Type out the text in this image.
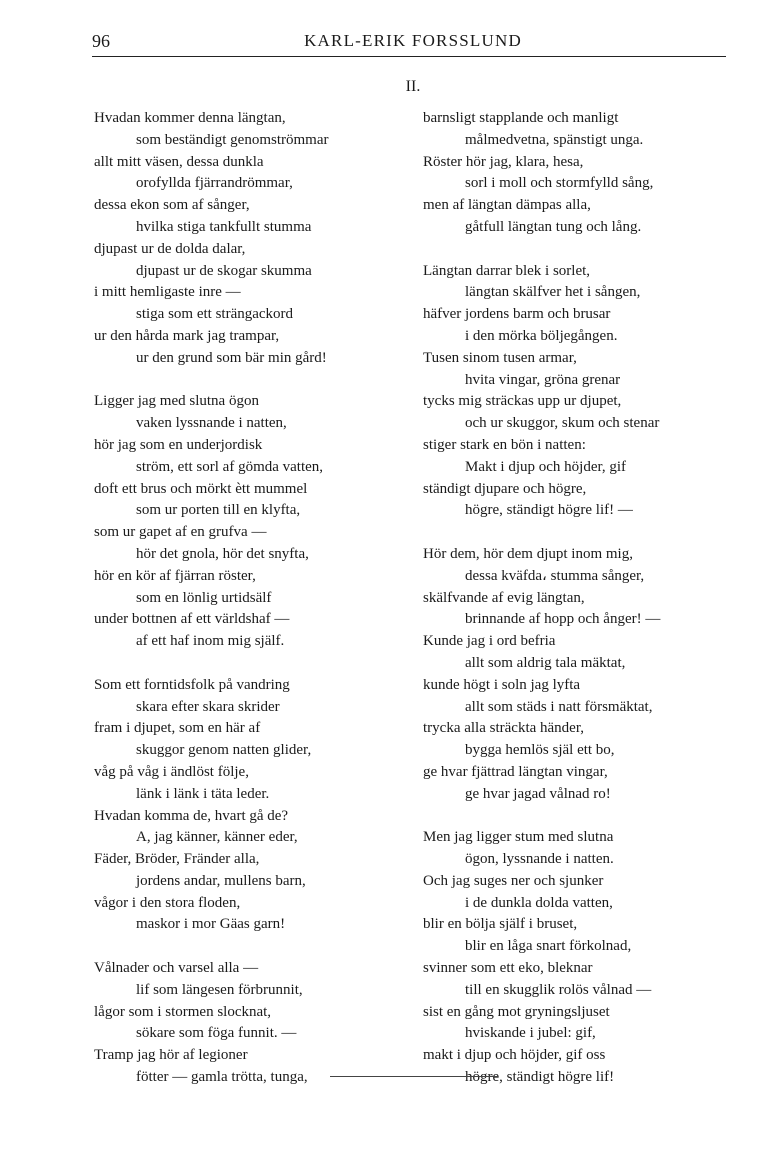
96	KARL-ERIK FORSSLUND
II.
Hvadan kommer denna längtan,
som beständigt genomströmmar
allt mitt väsen, dessa dunkla
orofyllda fjärrandrömmar,
dessa ekon som af sånger,
hvilka stiga tankfullt stumma
djupast ur de dolda dalar,
djupast ur de skogar skumma
i mitt hemligaste inre —
stiga som ett strängackord
ur den hårda mark jag trampar,
ur den grund som bär min gård!
Ligger jag med slutna ögon
vaken lyssnande i natten,
hör jag som en underjordisk
ström, ett sorl af gömda vatten,
doft ett brus och mörkt ètt mummel
som ur porten till en klyfta,
som ur gapet af en grufva —
hör det gnola, hör det snyfta,
hör en kör af fjärran röster,
som en lönlig urtidsälf
under bottnen af ett världshaf —
af ett haf inom mig själf.
Som ett forntidsfolk på vandring
skara efter skara skrider
fram i djupet, som en här af
skuggor genom natten glider,
våg på våg i ändlöst följe,
länk i länk i täta leder.
Hvadan komma de, hvart gå de?
A, jag känner, känner eder,
Fäder, Bröder, Fränder alla,
jordens andar, mullens barn,
vågor i den stora floden,
maskor i mor Gäas garn!
Vålnader och varsel alla —
lif som längesen förbrunnit,
lågor som i stormen slocknat,
sökare som föga funnit. —
Tramp jag hör af legioner
fötter — gamla trötta, tunga,
barnsligt stapplande och manligt
målmedvetna, spänstigt unga.
Röster hör jag, klara, hesa,
sorl i moll och stormfylld sång,
men af längtan dämpas alla,
gåtfull längtan tung och lång.
Längtan darrar blek i sorlet,
längtan skälfver het i sången,
häfver jordens barm och brusar
i den mörka böljegången.
Tusen sinom tusen armar,
hvita vingar, gröna grenar
tycks mig sträckas upp ur djupet,
och ur skuggor, skum och stenar
stiger stark en bön i natten:
Makt i djup och höjder, gif
ständigt djupare och högre,
högre, ständigt högre lif! —
Hör dem, hör dem djupt inom mig,
dessa kväfda، stumma sånger,
skälfvande af evig längtan,
brinnande af hopp och ånger! —
Kunde jag i ord befria
allt som aldrig tala mäktat,
kunde högt i soln jag lyfta
allt som städs i natt försmäktat,
trycka alla sträckta händer,
bygga hemlös själ ett bo,
ge hvar fjättrad längtan vingar,
ge hvar jagad vålnad ro!
Men jag ligger stum med slutna
ögon, lyssnande i natten.
Och jag suges ner och sjunker
i de dunkla dolda vatten,
blir en bölja själf i bruset,
blir en låga snart förkolnad,
svinner som ett eko, bleknar
till en skugglik rolös vålnad —
sist en gång mot gryningsljuset
hviskande i jubel: gif,
makt i djup och höjder, gif oss
högre, ständigt högre lif!
